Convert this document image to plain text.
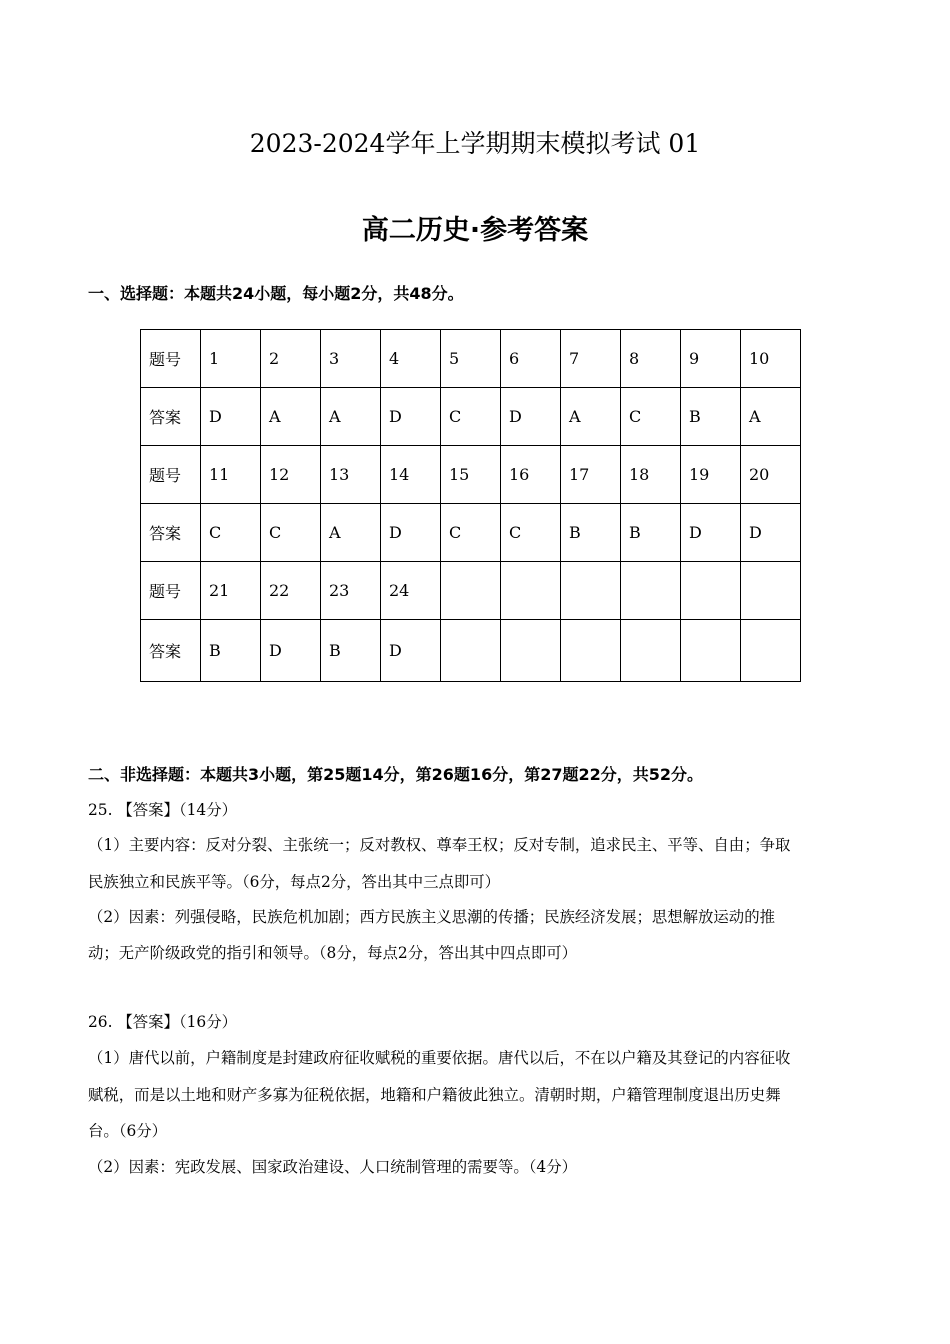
2023-2024学年上学期期末模拟考试 01
高二历史·参考答案
一、选择题：本题共24小题，每小题2分，共48分。
题号	1	2	3	4	5	6	7	8	9	10
答案	D	A	A	D	C	D	A	C	B	A
题号	11	12	13	14	15	16	17	18	19	20
答案	C	C	A	D	C	C	B	B	D	D
题号	21	22	23	24						
答案	B	D	B	D						
二、非选择题：本题共3小题，第25题14分，第26题16分，第27题22分，共52分。
25. 【答案】（14分）
（1）主要内容：反对分裂、主张统一；反对教权、尊奉王权；反对专制，追求民主、平等、自由；争取
民族独立和民族平等。（6分，每点2分，答出其中三点即可）
（2）因素：列强侵略，民族危机加剧；西方民族主义思潮的传播；民族经济发展；思想解放运动的推
动；无产阶级政党的指引和领导。（8分，每点2分，答出其中四点即可）
26. 【答案】（16分）
（1）唐代以前，户籍制度是封建政府征收赋税的重要依据。唐代以后，不在以户籍及其登记的内容征收
赋税，而是以土地和财产多寡为征税依据，地籍和户籍彼此独立。清朝时期，户籍管理制度退出历史舞
台。（6分）
（2）因素：宪政发展、国家政治建设、人口统制管理的需要等。（4分）
